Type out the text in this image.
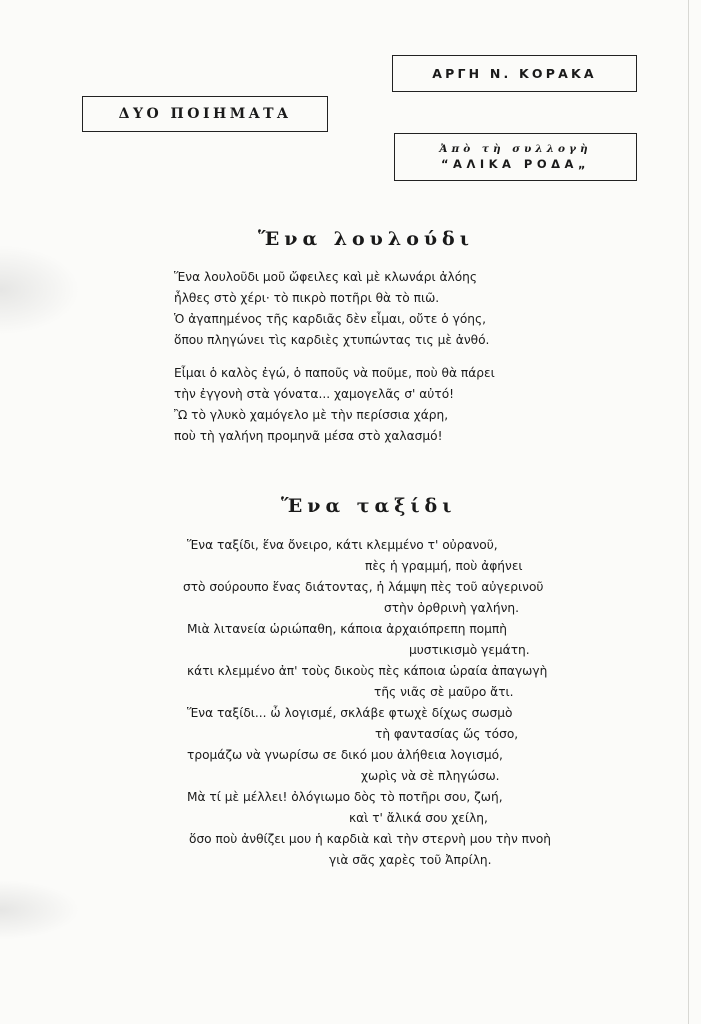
ΑΡΓΗ Ν. ΚΟΡΑΚΑ
ΔΥΟ ΠΟΙΗΜΑΤΑ
Ἀπὸ τὴ συλλογὴ
“ΑΛΙΚΑ ΡΟΔΑ„
Ἕνα λουλούδι
Ἕνα λουλοῦδι μοῦ ὤφειλες καὶ μὲ κλωνάρι ἀλόης
ἦλθες στὸ χέρι· τὸ πικρὸ ποτῆρι θὰ τὸ πιῶ.
Ὁ ἀγαπημένος τῆς καρδιᾶς δὲν εἶμαι, οὔτε ὁ γόης,
ὅπου πληγώνει τὶς καρδιὲς χτυπώντας τις μὲ ἀνθό.
Εἶμαι ὁ καλὸς ἐγώ, ὁ παποῦς νὰ ποῦμε, ποὺ θὰ πάρει
τὴν ἐγγονὴ στὰ γόνατα... χαμογελᾶς σ' αὐτό!
Ὢ τὸ γλυκὸ χαμόγελο μὲ τὴν περίσσια χάρη,
ποὺ τὴ γαλήνη προμηνᾶ μέσα στὸ χαλασμό!
Ἕνα ταξίδι
Ἕνα ταξίδι, ἕνα ὄνειρο, κάτι κλεμμένο τ' οὐρανοῦ,
πὲς ἡ γραμμή, ποὺ ἀφήνει
στὸ σούρουπο ἕνας διάτοντας, ἡ λάμψη πὲς τοῦ αὐγερινοῦ
στὴν ὀρθρινὴ γαλήνη.
Μιὰ λιτανεία ὡριώπαθη, κάποια ἀρχαιόπρεπη πομπὴ
μυστικισμὸ γεμάτη.
κάτι κλεμμένο ἀπ' τοὺς δικοὺς πὲς κάποια ὡραία ἀπαγωγὴ
τῆς νιᾶς σὲ μαῦρο ἄτι.
Ἕνα ταξίδι... ὦ λογισμέ, σκλάβε φτωχὲ δίχως σωσμὸ
τὴ φαντασίας ὥς τόσο,
τρομάζω νὰ γνωρίσω σε δικό μου ἀλήθεια λογισμό,
χωρὶς νὰ σὲ πληγώσω.
Μὰ τί μὲ μέλλει! ὀλόγιωμο δὸς τὸ ποτῆρι σου, ζωή,
καὶ τ' ἄλικά σου χείλη,
ὅσο ποὺ ἀνθίζει μου ἡ καρδιὰ καὶ τὴν στερνὴ μου τὴν πνοὴ
γιὰ σᾶς χαρὲς τοῦ Ἀπρίλη.
